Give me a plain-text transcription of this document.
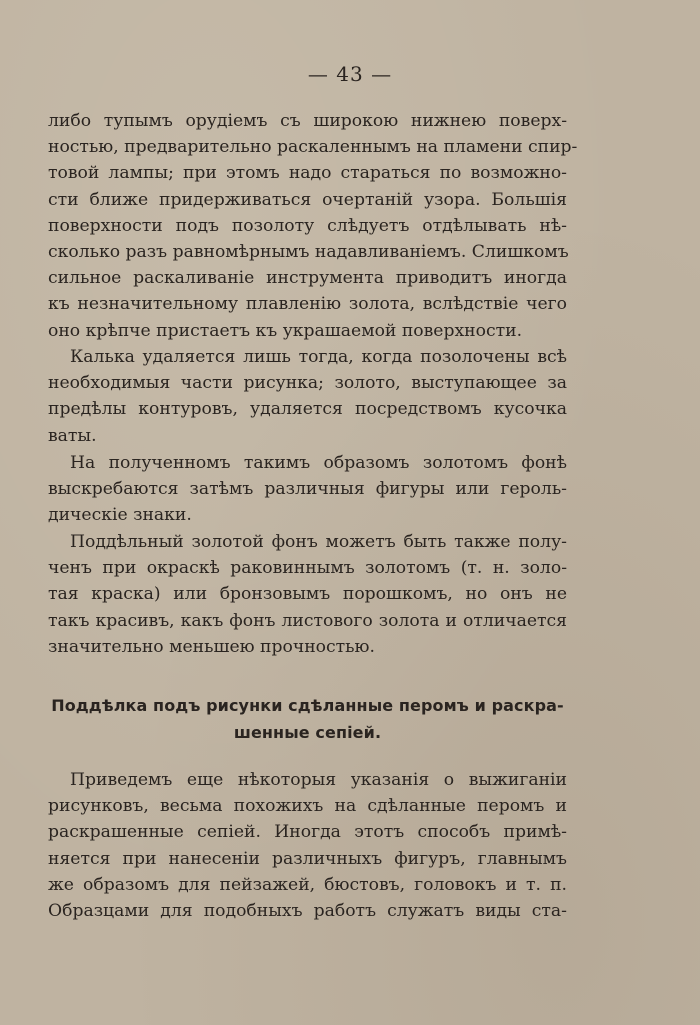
— 43 —
либо тупымъ орудіемъ съ широкою нижнею поверх-
ностью, предварительно раскаленнымъ на пламени спир-
товой лампы; при этомъ надо стараться по возможно-
сти ближе придерживаться очертаній узора. Большія
поверхности подъ позолоту слѣдуетъ отдѣлывать нѣ-
сколько разъ равномѣрнымъ надавливаніемъ. Слишкомъ
сильное раскаливаніе инструмента приводитъ иногда
къ незначительному плавленію золота, вслѣдствіе чего
оно крѣпче пристаетъ къ украшаемой поверхности.
Калька удаляется лишь тогда, когда позолочены всѣ
необходимыя части рисунка; золото, выступающее за
предѣлы контуровъ, удаляется посредствомъ кусочка
ваты.
На полученномъ такимъ образомъ золотомъ фонѣ
выскребаются затѣмъ различныя фигуры или героль-
дическіе знаки.
Поддѣльный золотой фонъ можетъ быть также полу-
ченъ при окраскѣ раковиннымъ золотомъ (т. н. золо-
тая краска) или бронзовымъ порошкомъ, но онъ не
такъ красивъ, какъ фонъ листового золота и отличается
значительно меньшею прочностью.
Поддѣлка подъ рисунки сдѣланные перомъ и раскра-
шенные сепіей.
Приведемъ еще нѣкоторыя указанія о выжиганіи
рисунковъ, весьма похожихъ на сдѣланные перомъ и
раскрашенные сепіей. Иногда этотъ способъ примѣ-
няется при нанесеніи различныхъ фигуръ, главнымъ
же образомъ для пейзажей, бюстовъ, головокъ и т. п.
Образцами для подобныхъ работъ служатъ виды ста-
